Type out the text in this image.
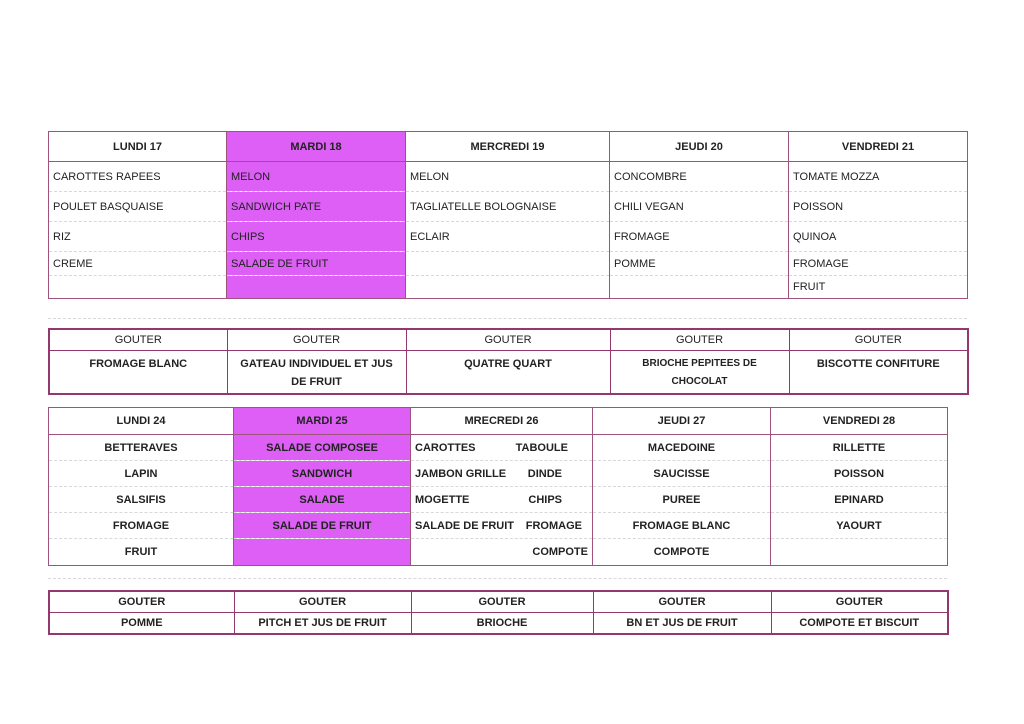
LUNDI 17	MARDI 18	MERCREDI 19	JEUDI 20	VENDREDI 21
CAROTTES RAPEES	MELON	MELON	CONCOMBRE	TOMATE MOZZA
POULET BASQUAISE	SANDWICH PATE	TAGLIATELLE BOLOGNAISE	CHILI VEGAN	POISSON
RIZ	CHIPS	ECLAIR	FROMAGE	QUINOA
CREME	SALADE DE FRUIT		POMME	FROMAGE
				FRUIT
GOUTER	GOUTER	GOUTER	GOUTER	GOUTER
FROMAGE BLANC	GATEAU INDIVIDUEL ET JUS DE FRUIT	QUATRE QUART	BRIOCHE PEPITEES DE CHOCOLAT	BISCOTTE CONFITURE
LUNDI 24	MARDI 25	MRECREDI 26	JEUDI 27	VENDREDI 28
BETTERAVES	SALADE COMPOSEE	CAROTTES TABOULE	MACEDOINE	RILLETTE
LAPIN	SANDWICH	JAMBON GRILLE DINDE	SAUCISSE	POISSON
SALSIFIS	SALADE	MOGETTE CHIPS	PUREE	EPINARD
FROMAGE	SALADE DE FRUIT	SALADE DE FRUIT FROMAGE	FROMAGE BLANC	YAOURT
FRUIT		COMPOTE	COMPOTE	
GOUTER	GOUTER	GOUTER	GOUTER	GOUTER
POMME	PITCH ET JUS DE FRUIT	BRIOCHE	BN ET JUS DE FRUIT	COMPOTE ET BISCUIT
